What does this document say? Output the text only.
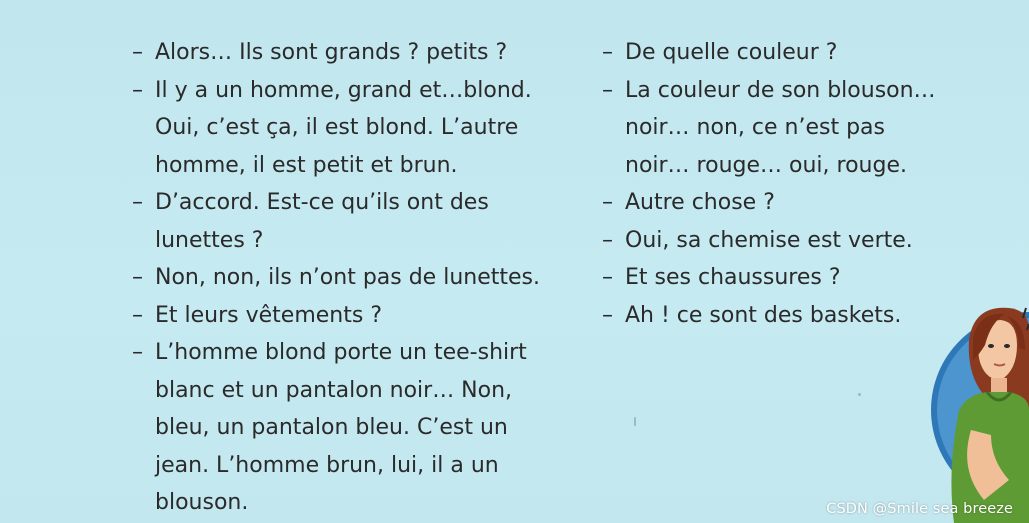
– Alors… Ils sont grands ? petits ?
– Il y a un homme, grand et…blond.
Oui, c’est ça, il est blond. L’autre
homme, il est petit et brun.
– D’accord. Est-ce qu’ils ont des
lunettes ?
– Non, non, ils n’ont pas de lunettes.
– Et leurs vêtements ?
– L’homme blond porte un tee-shirt
blanc et un pantalon noir… Non,
bleu, un pantalon bleu. C’est un
jean. L’homme brun, lui, il a un
blouson.
– De quelle couleur ?
– La couleur de son blouson…
noir… non, ce n’est pas
noir… rouge… oui, rouge.
– Autre chose ?
– Oui, sa chemise est verte.
– Et ses chaussures ?
– Ah ! ce sont des baskets.
CSDN @Smile sea breeze
